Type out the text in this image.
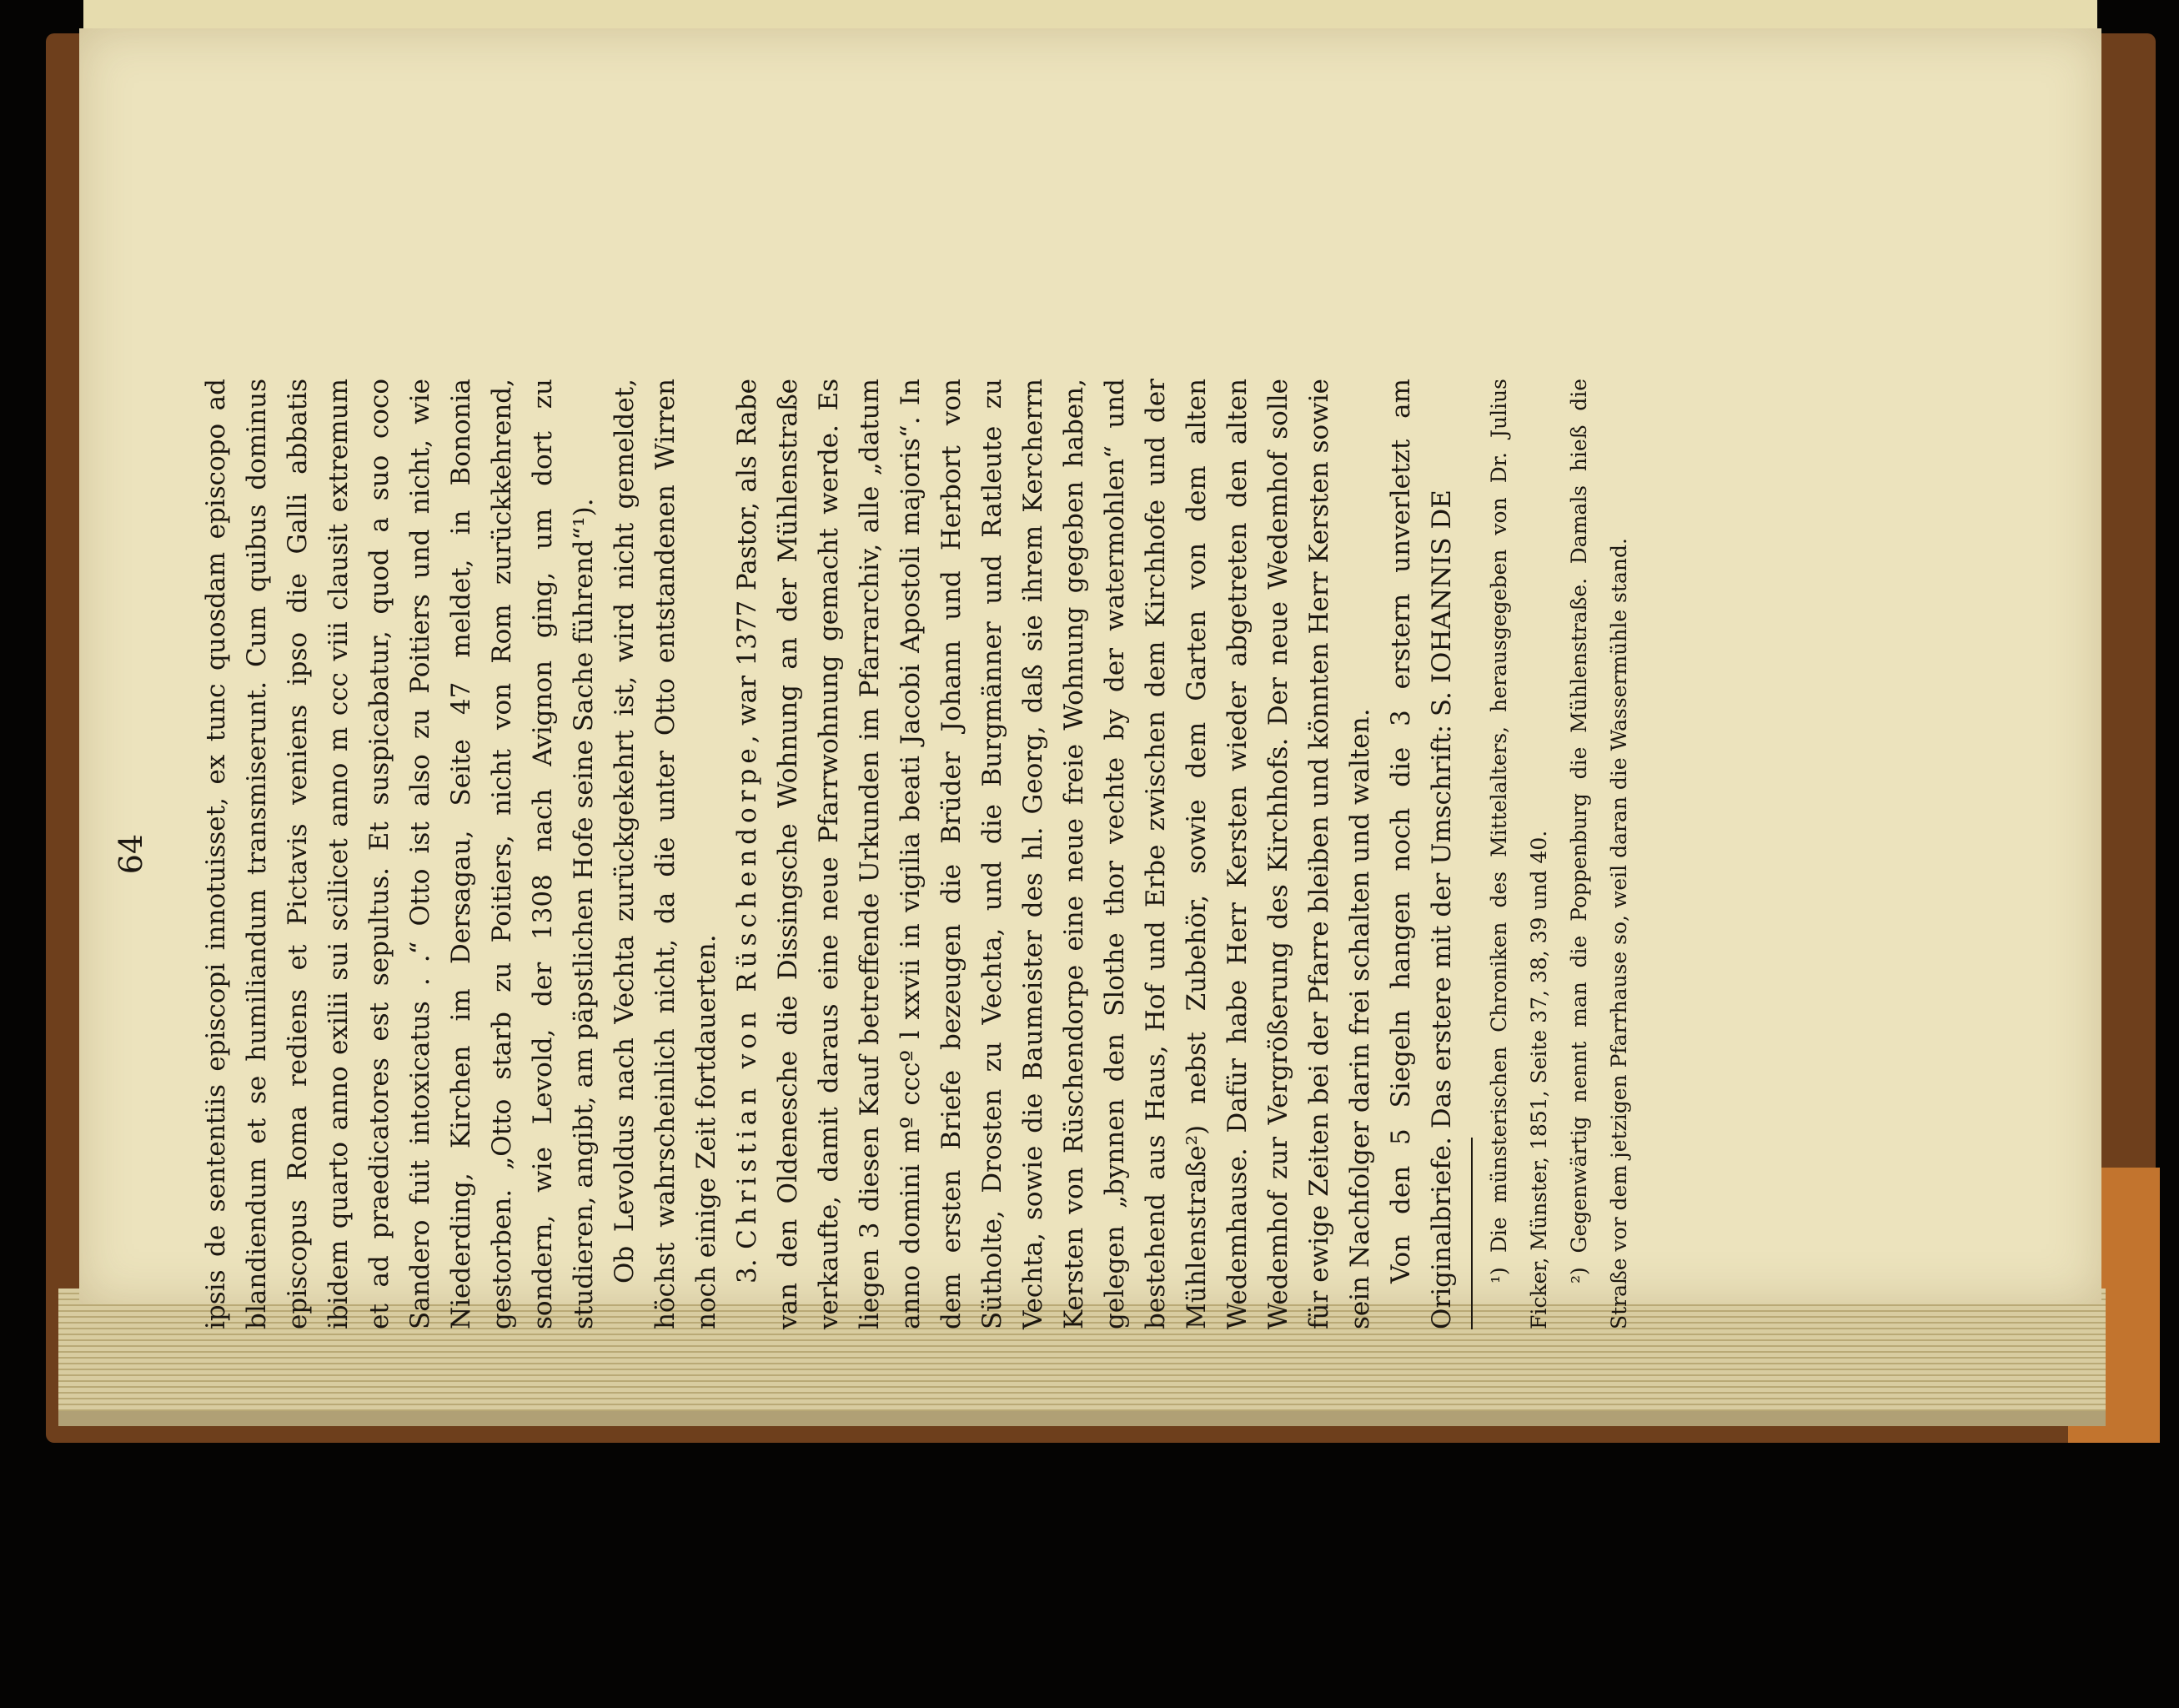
64 ipsis de sententiis episcopi innotuisset, ex tunc quosdam episcopo ad blandiendum et se humiliandum transmiserunt. Cum quibus dominus episcopus Roma rediens et Pictavis veniens ipso die Galli abbatis ibidem quarto anno exilii sui scilicet anno m ccc viii clausit extremum et ad praedicatores est sepultus. Et suspicabatur, quod a suo coco Sandero fuit intoxicatus . .“ Otto ist also zu Poitiers und nicht, wie Niederding, Kirchen im Dersagau, Seite 47 meldet, in Bononia gestorben. „Otto starb zu Poitiers, nicht von Rom zurückkehrend, sondern, wie Levold, der 1308 nach Avignon ging, um dort zu studieren, angibt, am päpstlichen Hofe seine Sache führend“¹). Ob Levoldus nach Vechta zurückgekehrt ist, wird nicht gemeldet, höchst wahrscheinlich nicht, da die unter Otto entstandenen Wirren noch einige Zeit fortdauerten. 3. Christian von Rüschendorpe, war 1377 Pastor, als Rabe van den Oldenesche die Dissingsche Wohnung an der Mühlenstraße verkaufte, damit daraus eine neue Pfarrwohnung gemacht werde. Es liegen 3 diesen Kauf betreffende Urkunden im Pfarrarchiv, alle „datum anno domini mº cccº l xxvii in vigilia beati Jacobi Apostoli majoris“. In dem ersten Briefe bezeugen die Brüder Johann und Herbort von Sütholte, Drosten zu Vechta, und die Burgmänner und Ratleute zu Vechta, sowie die Baumeister des hl. Georg, daß sie ihrem Kercherrn Kersten von Rüschendorpe eine neue freie Wohnung gegeben haben, gelegen „bynnen den Slothe thor vechte by der watermohlen“ und bestehend aus Haus, Hof und Erbe zwischen dem Kirchhofe und der Mühlenstraße²) nebst Zubehör, sowie dem Garten von dem alten Wedemhause. Dafür habe Herr Kersten wieder abgetreten den alten Wedemhof zur Vergrößerung des Kirchhofs. Der neue Wedemhof solle für ewige Zeiten bei der Pfarre bleiben und könnten Herr Kersten sowie sein Nachfolger darin frei schalten und walten. Von den 5 Siegeln hangen noch die 3 erstern unverletzt am Originalbriefe. Das erstere mit der Umschrift: S. IOHANNIS DE	¹) Die münsterischen Chroniken des Mittelalters, herausgegeben von Dr. Julius Ficker, Münster, 1851, Seite 37, 38, 39 und 40. ²) Gegenwärtig nennt man die Poppenburg die Mühlenstraße. Damals hieß die Straße vor dem jetzigen Pfarrhause so, weil daran die Wassermühle stand.
